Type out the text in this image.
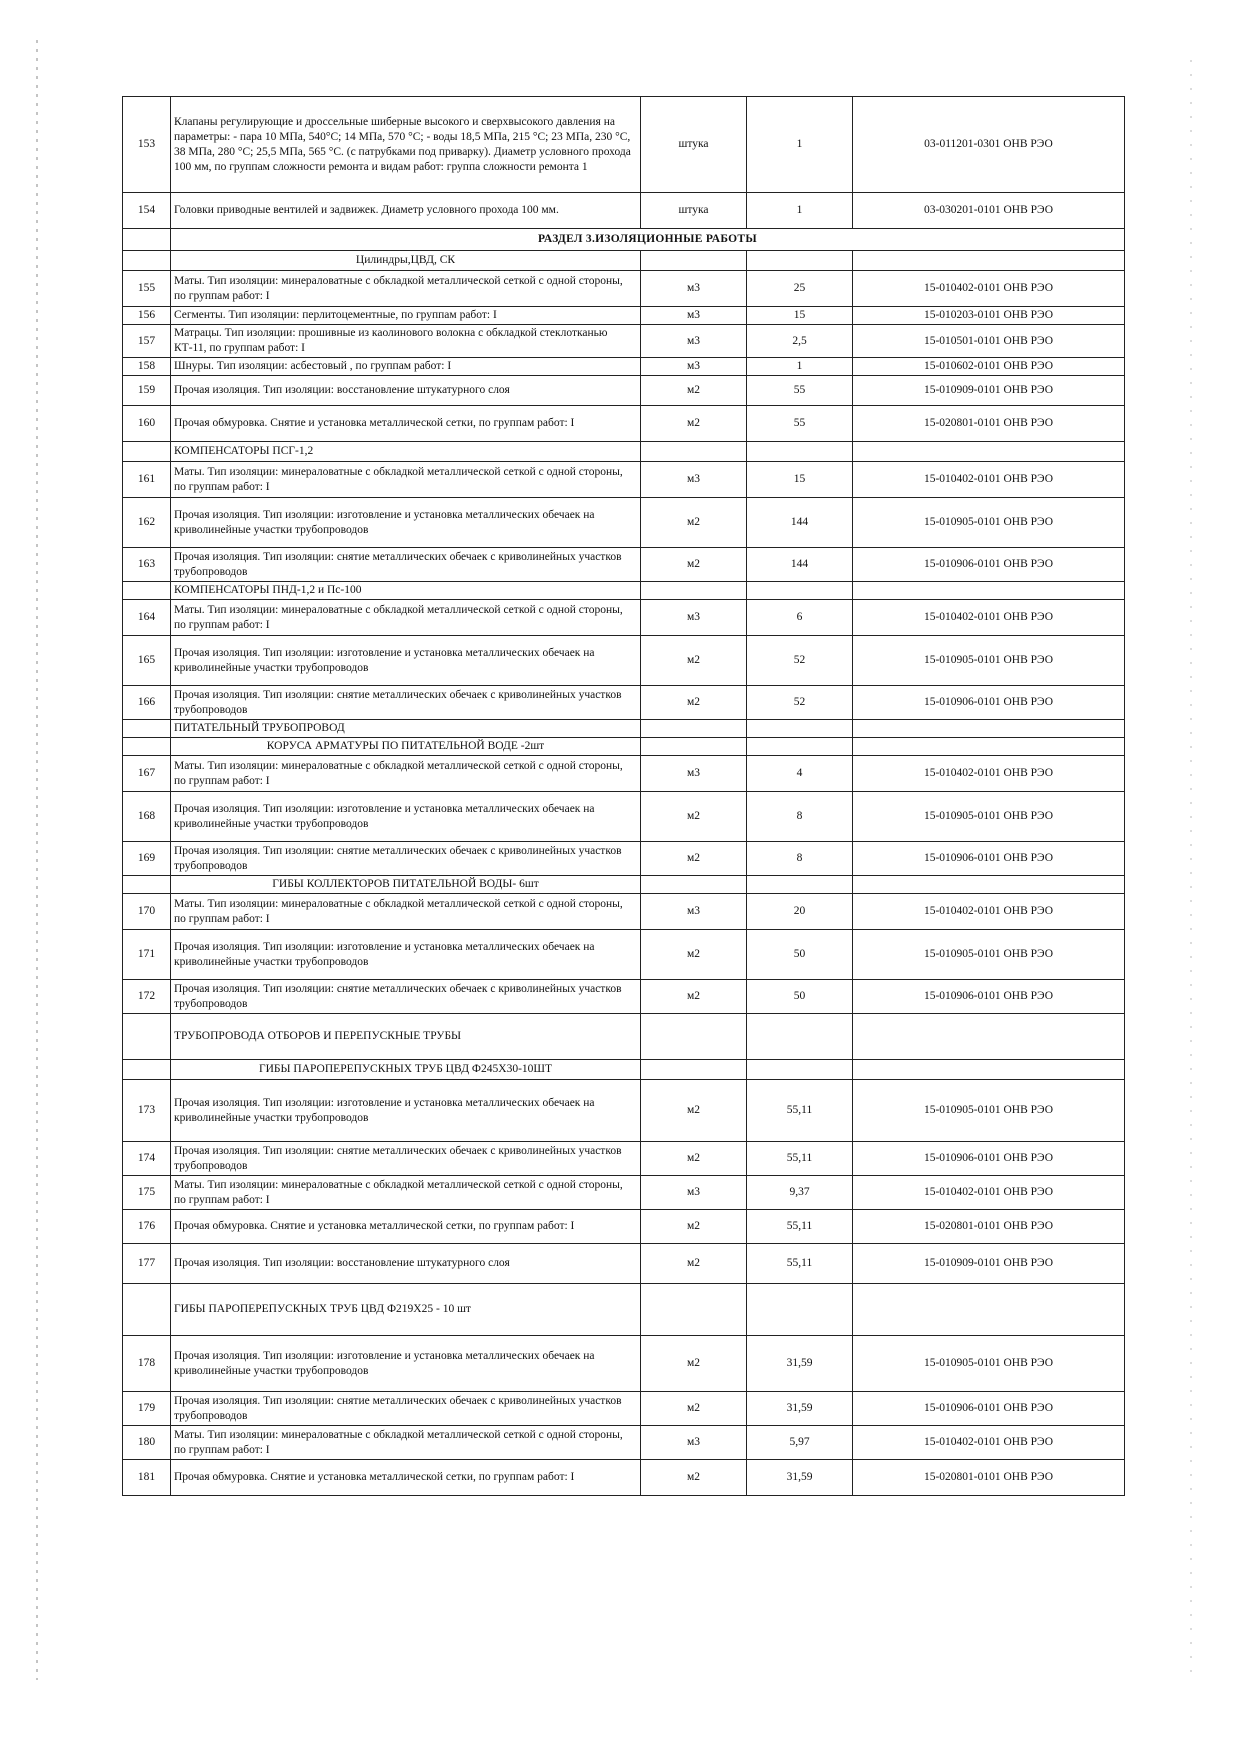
153	Клапаны регулирующие и дроссельные шиберные высокого и сверхвысокого давления на параметры: - пара 10 МПа, 540°С; 14 МПа, 570 °С; - воды 18,5 МПа, 215 °С; 23 МПа, 230 °С, 38 МПа, 280 °С; 25,5 МПа, 565 °С. (с патрубками под приварку). Диаметр условного прохода 100 мм, по группам сложности ремонта и видам работ: группа сложности ремонта 1	штука	1	03-011201-0301 ОНВ РЭО
154	Головки приводные вентилей и задвижек. Диаметр условного прохода 100 мм.	штука	1	03-030201-0101 ОНВ РЭО
	РАЗДЕЛ 3.ИЗОЛЯЦИОННЫЕ РАБОТЫ			
	Цилиндры,ЦВД, СК			
155	Маты. Тип изоляции: минераловатные с обкладкой металлической сеткой с одной стороны, по группам работ: I	м3	25	15-010402-0101 ОНВ РЭО
156	Сегменты. Тип изоляции: перлитоцементные, по группам работ: I	м3	15	15-010203-0101 ОНВ РЭО
157	Матрацы. Тип изоляции: прошивные из каолинового волокна с обкладкой стеклотканью КТ-11, по группам работ: I	м3	2,5	15-010501-0101 ОНВ РЭО
158	Шнуры. Тип изоляции: асбестовый , по группам работ: I	м3	1	15-010602-0101 ОНВ РЭО
159	Прочая изоляция. Тип изоляции: восстановление штукатурного слоя	м2	55	15-010909-0101 ОНВ РЭО
160	Прочая обмуровка. Снятие и установка металлической сетки, по группам работ: I	м2	55	15-020801-0101 ОНВ РЭО
	КОМПЕНСАТОРЫ ПСГ-1,2			
161	Маты. Тип изоляции: минераловатные с обкладкой металлической сеткой с одной стороны, по группам работ: I	м3	15	15-010402-0101 ОНВ РЭО
162	Прочая изоляция. Тип изоляции: изготовление и установка металлических обечаек на криволинейные участки трубопроводов	м2	144	15-010905-0101 ОНВ РЭО
163	Прочая изоляция. Тип изоляции: снятие металлических обечаек с криволинейных участков трубопроводов	м2	144	15-010906-0101 ОНВ РЭО
	КОМПЕНСАТОРЫ ПНД-1,2 и Пс-100			
164	Маты. Тип изоляции: минераловатные с обкладкой металлической сеткой с одной стороны, по группам работ: I	м3	6	15-010402-0101 ОНВ РЭО
165	Прочая изоляция. Тип изоляции: изготовление и установка металлических обечаек на криволинейные участки трубопроводов	м2	52	15-010905-0101 ОНВ РЭО
166	Прочая изоляция. Тип изоляции: снятие металлических обечаек с криволинейных участков трубопроводов	м2	52	15-010906-0101 ОНВ РЭО
	ПИТАТЕЛЬНЫЙ ТРУБОПРОВОД			
	КОРУСА АРМАТУРЫ ПО ПИТАТЕЛЬНОЙ ВОДЕ -2шт			
167	Маты. Тип изоляции: минераловатные с обкладкой металлической сеткой с одной стороны, по группам работ: I	м3	4	15-010402-0101 ОНВ РЭО
168	Прочая изоляция. Тип изоляции: изготовление и установка металлических обечаек на криволинейные участки трубопроводов	м2	8	15-010905-0101 ОНВ РЭО
169	Прочая изоляция. Тип изоляции: снятие металлических обечаек с криволинейных участков трубопроводов	м2	8	15-010906-0101 ОНВ РЭО
	ГИБЫ КОЛЛЕКТОРОВ ПИТАТЕЛЬНОЙ ВОДЫ- 6шт			
170	Маты. Тип изоляции: минераловатные с обкладкой металлической сеткой с одной стороны, по группам работ: I	м3	20	15-010402-0101 ОНВ РЭО
171	Прочая изоляция. Тип изоляции: изготовление и установка металлических обечаек на криволинейные участки трубопроводов	м2	50	15-010905-0101 ОНВ РЭО
172	Прочая изоляция. Тип изоляции: снятие металлических обечаек с криволинейных участков трубопроводов	м2	50	15-010906-0101 ОНВ РЭО
	ТРУБОПРОВОДА ОТБОРОВ И ПЕРЕПУСКНЫЕ ТРУБЫ			
	ГИБЫ ПАРОПЕРЕПУСКНЫХ ТРУБ ЦВД Ф245Х30-10ШТ			
173	Прочая изоляция. Тип изоляции: изготовление и установка металлических обечаек на криволинейные участки трубопроводов	м2	55,11	15-010905-0101 ОНВ РЭО
174	Прочая изоляция. Тип изоляции: снятие металлических обечаек с криволинейных участков трубопроводов	м2	55,11	15-010906-0101 ОНВ РЭО
175	Маты. Тип изоляции: минераловатные с обкладкой металлической сеткой с одной стороны, по группам работ: I	м3	9,37	15-010402-0101 ОНВ РЭО
176	Прочая обмуровка. Снятие и установка металлической сетки, по группам работ: I	м2	55,11	15-020801-0101 ОНВ РЭО
177	Прочая изоляция. Тип изоляции: восстановление штукатурного слоя	м2	55,11	15-010909-0101 ОНВ РЭО
	ГИБЫ ПАРОПЕРЕПУСКНЫХ ТРУБ ЦВД Ф219Х25 - 10 шт			
178	Прочая изоляция. Тип изоляции: изготовление и установка металлических обечаек на криволинейные участки трубопроводов	м2	31,59	15-010905-0101 ОНВ РЭО
179	Прочая изоляция. Тип изоляции: снятие металлических обечаек с криволинейных участков трубопроводов	м2	31,59	15-010906-0101 ОНВ РЭО
180	Маты. Тип изоляции: минераловатные с обкладкой металлической сеткой с одной стороны, по группам работ: I	м3	5,97	15-010402-0101 ОНВ РЭО
181	Прочая обмуровка. Снятие и установка металлической сетки, по группам работ: I	м2	31,59	15-020801-0101 ОНВ РЭО
